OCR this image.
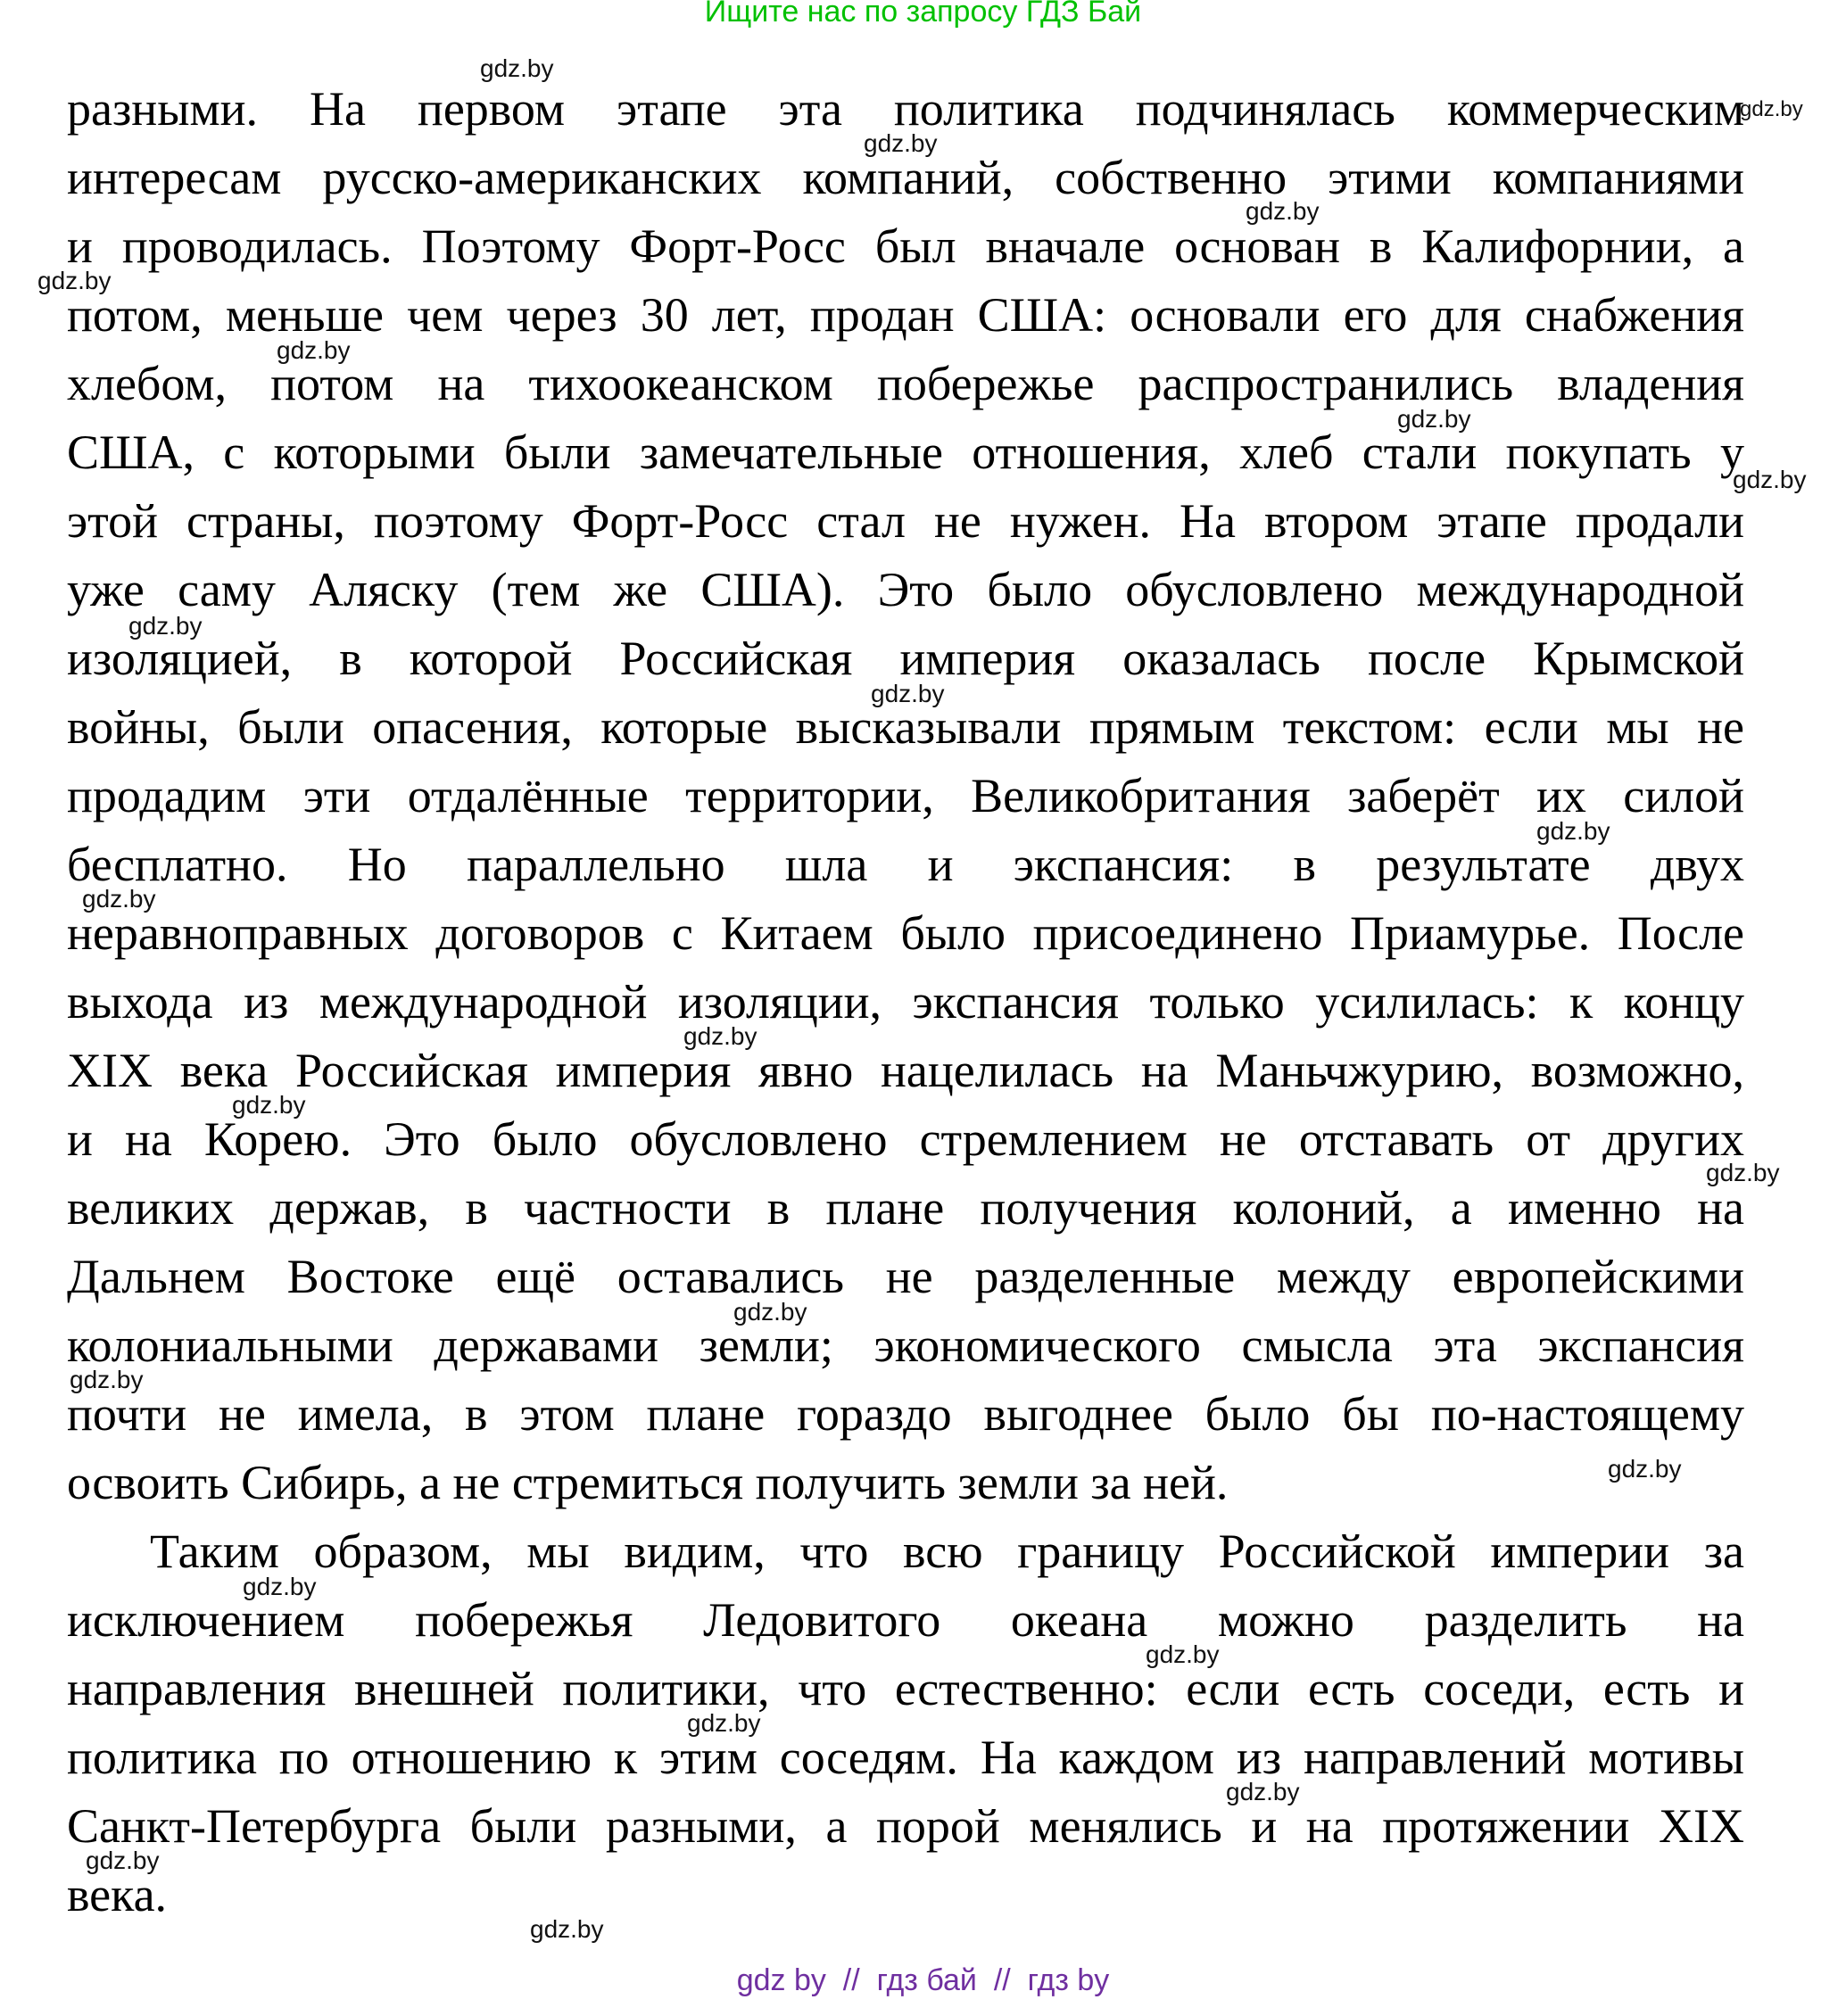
Ищите нас по запросу ГДЗ Бай
разными. На первом этапе эта политика подчинялась коммерческим
интересам русско-американских компаний, собственно этими компаниями
и проводилась. Поэтому Форт-Росс был вначале основан в Калифорнии, а
потом, меньше чем через 30 лет, продан США: основали его для снабжения
хлебом, потом на тихоокеанском побережье распространились владения
США, с которыми были замечательные отношения, хлеб стали покупать у
этой страны, поэтому Форт-Росс стал не нужен. На втором этапе продали
уже саму Аляску (тем же США). Это было обусловлено международной
изоляцией, в которой Российская империя оказалась после Крымской
войны, были опасения, которые высказывали прямым текстом: если мы не
продадим эти отдалённые территории, Великобритания заберёт их силой
бесплатно. Но параллельно шла и экспансия: в результате двух
неравноправных договоров с Китаем было присоединено Приамурье. После
выхода из международной изоляции, экспансия только усилилась: к концу
XIX века Российская империя явно нацелилась на Маньчжурию, возможно,
и на Корею. Это было обусловлено стремлением не отставать от других
великих держав, в частности в плане получения колоний, а именно на
Дальнем Востоке ещё оставались не разделенные между европейскими
колониальными державами земли; экономического смысла эта экспансия
почти не имела, в этом плане гораздо выгоднее было бы по-настоящему
освоить Сибирь, а не стремиться получить земли за ней.
Таким образом, мы видим, что всю границу Российской империи за
исключением побережья Ледовитого океана можно разделить на
направления внешней политики, что естественно: если есть соседи, есть и
политика по отношению к этим соседям. На каждом из направлений мотивы
Санкт-Петербурга были разными, а порой менялись и на протяжении XIX
века.
gdz.by
gdz.by
gdz.by
gdz.by
gdz.by
gdz.by
gdz.by
gdz.by
gdz.by
gdz.by
gdz.by
gdz.by
gdz.by
gdz.by
gdz.by
gdz.by
gdz.by
gdz.by
gdz.by
gdz.by
gdz.by
gdz.by
gdz.by
gdz.by
gdz by  //  гдз бай  //  гдз by
